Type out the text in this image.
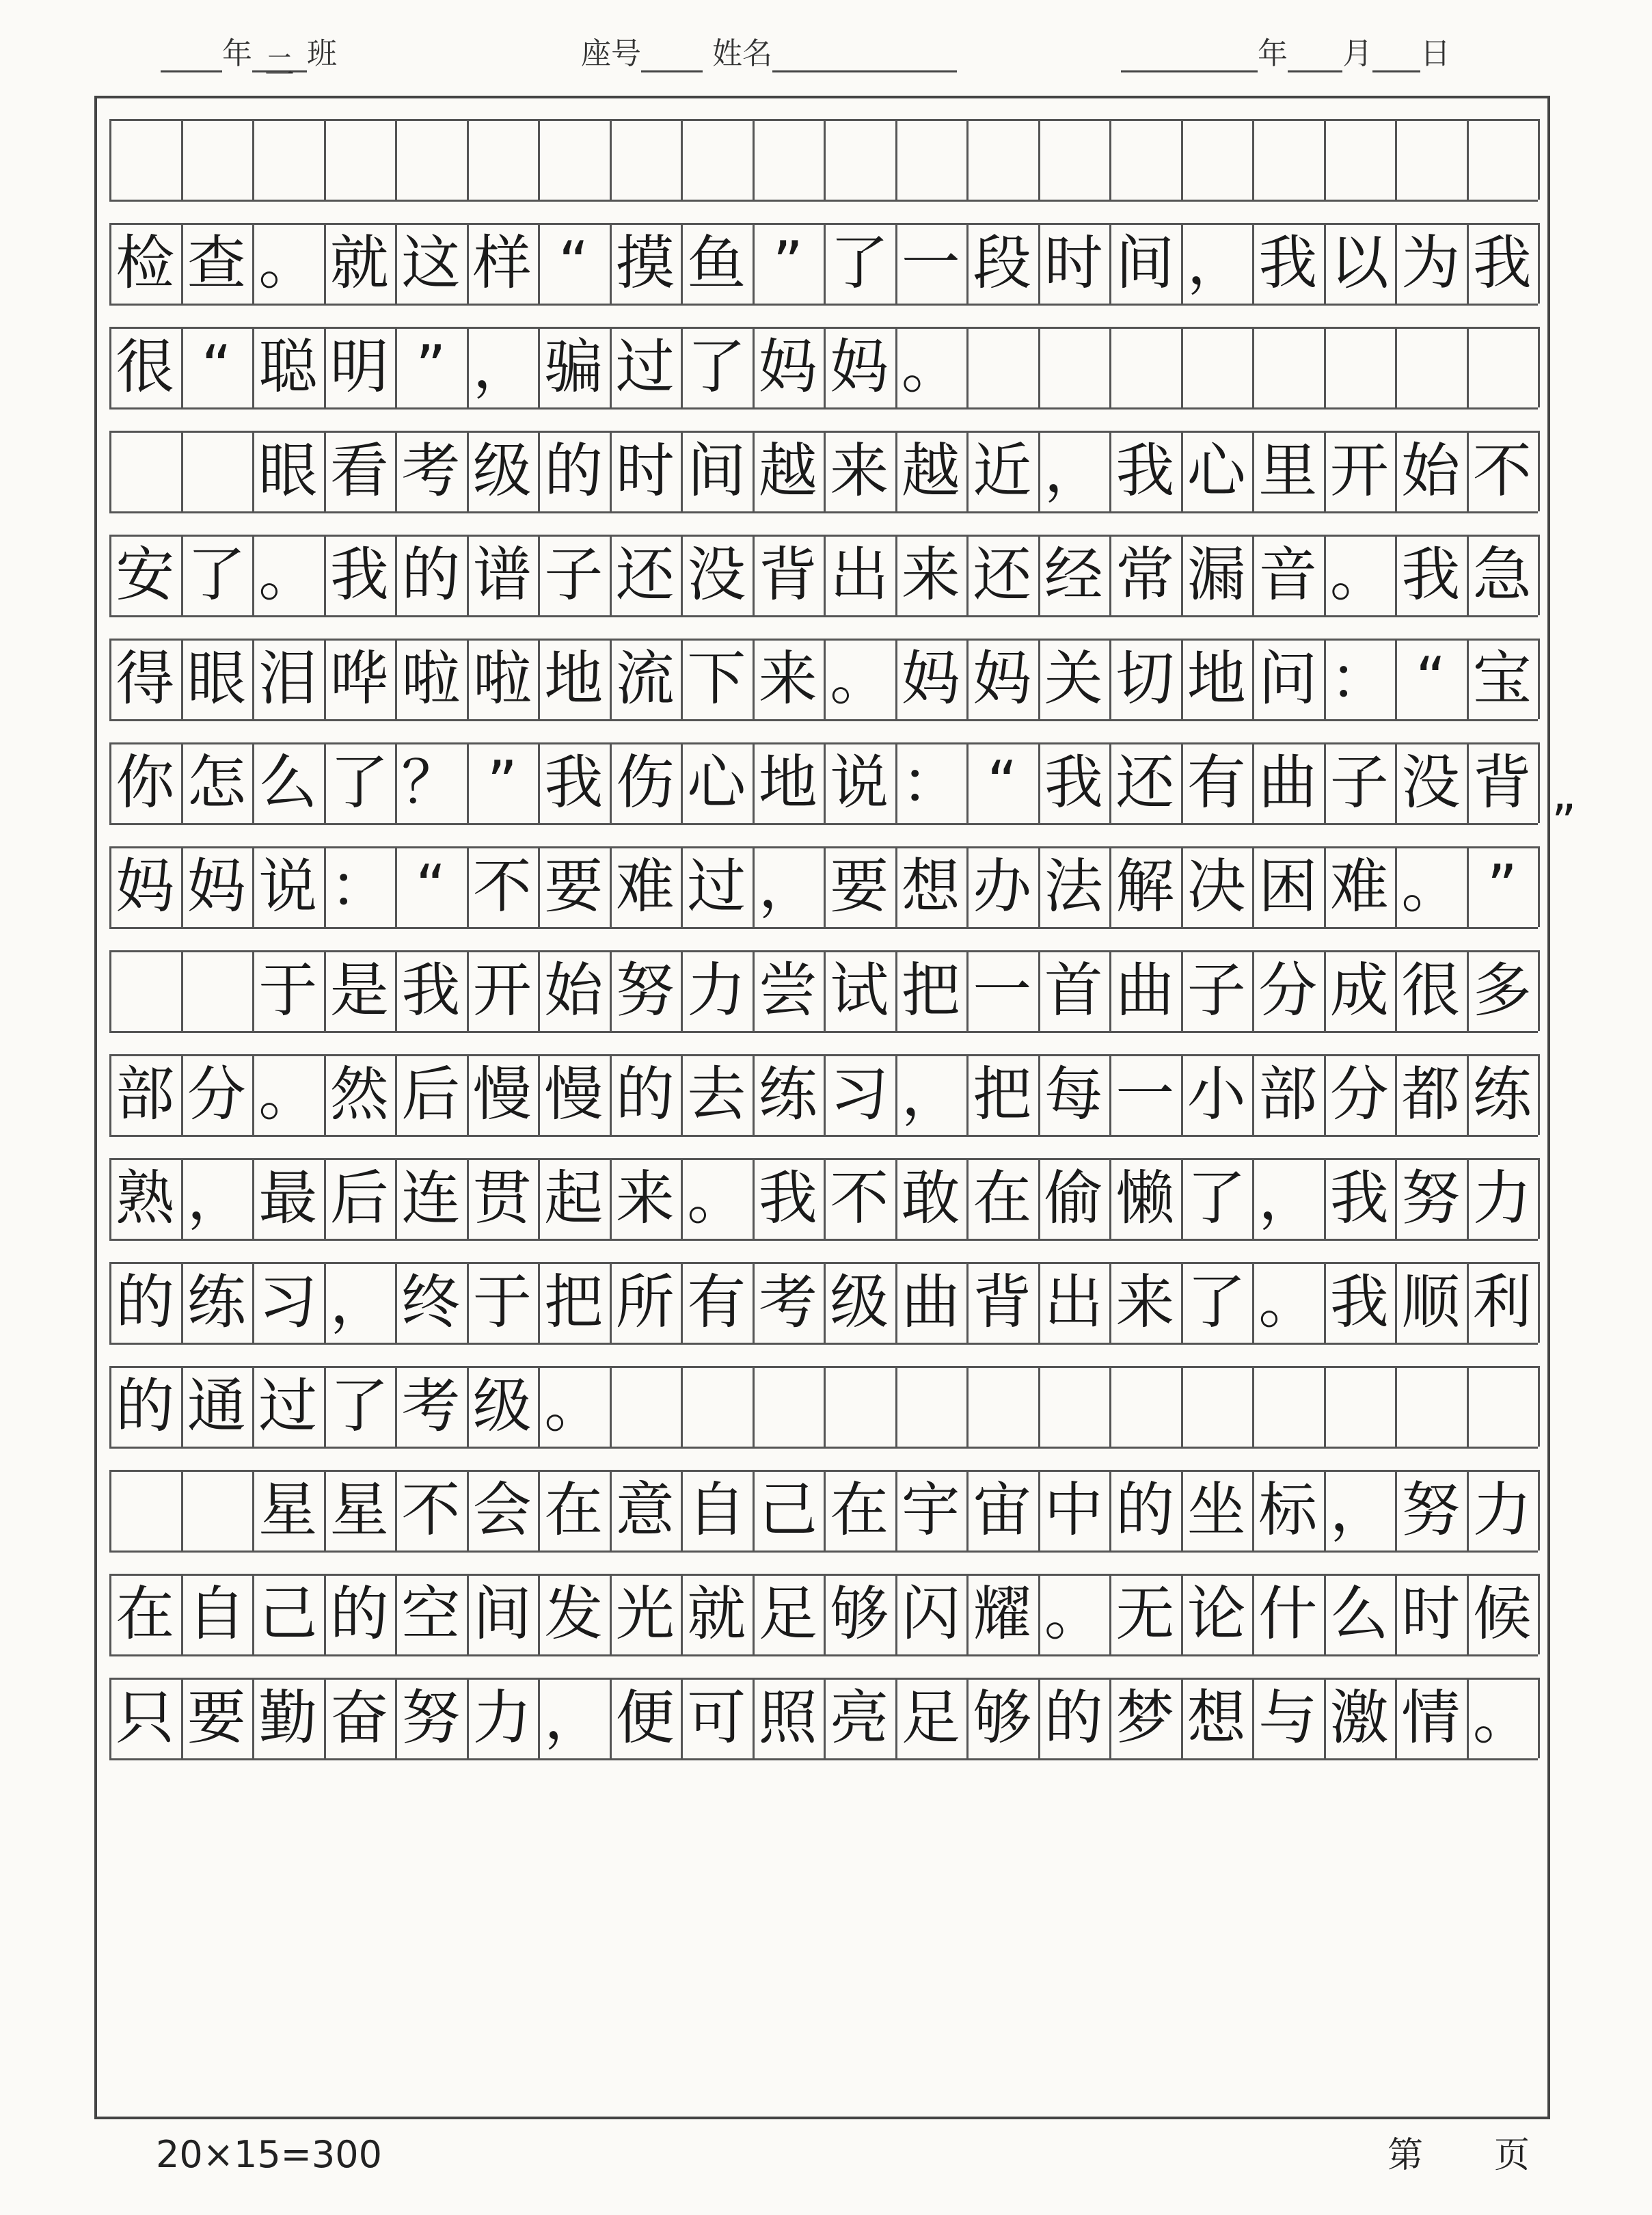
年 二 班	座号 姓名	年 月 日
检 查 。 就 这 样 “ 摸 鱼 ” 了 一 段 时 间 ， 我 以 为 我
很 “ 聪 明 ” ， 骗 过 了 妈 妈 。

眼 看 考 级 的 时 间 越 来 越 近 ， 我 心 里 开 始 不
安 了 。 我 的 谱 子 还 没 背 出 来 还 经 常 漏 音 。 我 急
得 眼 泪 哗 啦 啦 地 流 下 来 。 妈 妈 关 切 地 问 ： “ 宝
你 怎 么 了 ？ ” 我 伤 心 地 说 ： “ 我 还 有 曲 子 没 背
妈 妈 说 ： “ 不 要 难 过 ， 要 想 办 法 解 决 困 难 。 ”

于 是 我 开 始 努 力 尝 试 把 一 首 曲 子 分 成 很 多
部 分 。 然 后 慢 慢 的 去 练 习 ， 把 每 一 小 部 分 都 练
熟 ， 最 后 连 贯 起 来 。 我 不 敢 在 偷 懒 了 ， 我 努 力
的 练 习 ， 终 于 把 所 有 考 级 曲 背 出 来 了 。 我 顺 利
的 通 过 了 考 级 。

星 星 不 会 在 意 自 己 在 宇 宙 中 的 坐 标 ， 努 力
在 自 己 的 空 间 发 光 就 足 够 闪 耀 。 无 论 什 么 时 候
只 要 勤 奋 努 力 ， 便 可 照 亮 足 够 的 梦 想 与 激 情 。
”
20×15=300	第　　页
